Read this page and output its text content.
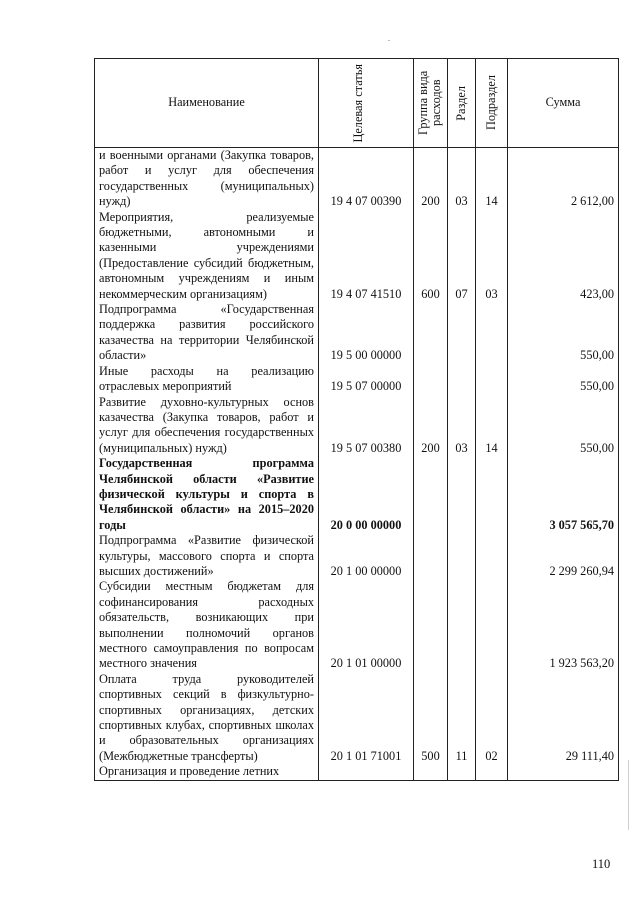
Наименование	Целевая статья	Группа вида расходов	Раздел	Подраздел	Сумма
и военными органами (Закупка товаров, работ и услуг для обеспечения государственных (муниципальных) нужд)	19 4 07 00390	200	03	14	2 612,00
Мероприятия, реализуемые бюджетными, автономными и казенными учреждениями (Предоставление субсидий бюджетным, автономным учреждениям и иным некоммерческим организациям)	19 4 07 41510	600	07	03	423,00
Подпрограмма «Государственная поддержка развития российского казачества на территории Челябинской области»	19 5 00 00000				550,00
Иные расходы на реализацию отраслевых мероприятий	19 5 07 00000				550,00
Развитие духовно-культурных основ казачества (Закупка товаров, работ и услуг для обеспечения государственных (муниципальных) нужд)	19 5 07 00380	200	03	14	550,00
Государственная программа Челябинской области «Развитие физической культуры и спорта в Челябинской области» на 2015–2020 годы	20 0 00 00000				3 057 565,70
Подпрограмма «Развитие физической культуры, массового спорта и спорта высших достижений»	20 1 00 00000				2 299 260,94
Субсидии местным бюджетам для софинансирования расходных обязательств, возникающих при выполнении полномочий органов местного самоуправления по вопросам местного значения	20 1 01 00000				1 923 563,20
Оплата труда руководителей спортивных секций в физкультурно-спортивных организациях, детских спортивных клубах, спортивных школах и образовательных организациях (Межбюджетные трансферты)	20 1 01 71001	500	11	02	29 111,40
Организация и проведение летних					
110
